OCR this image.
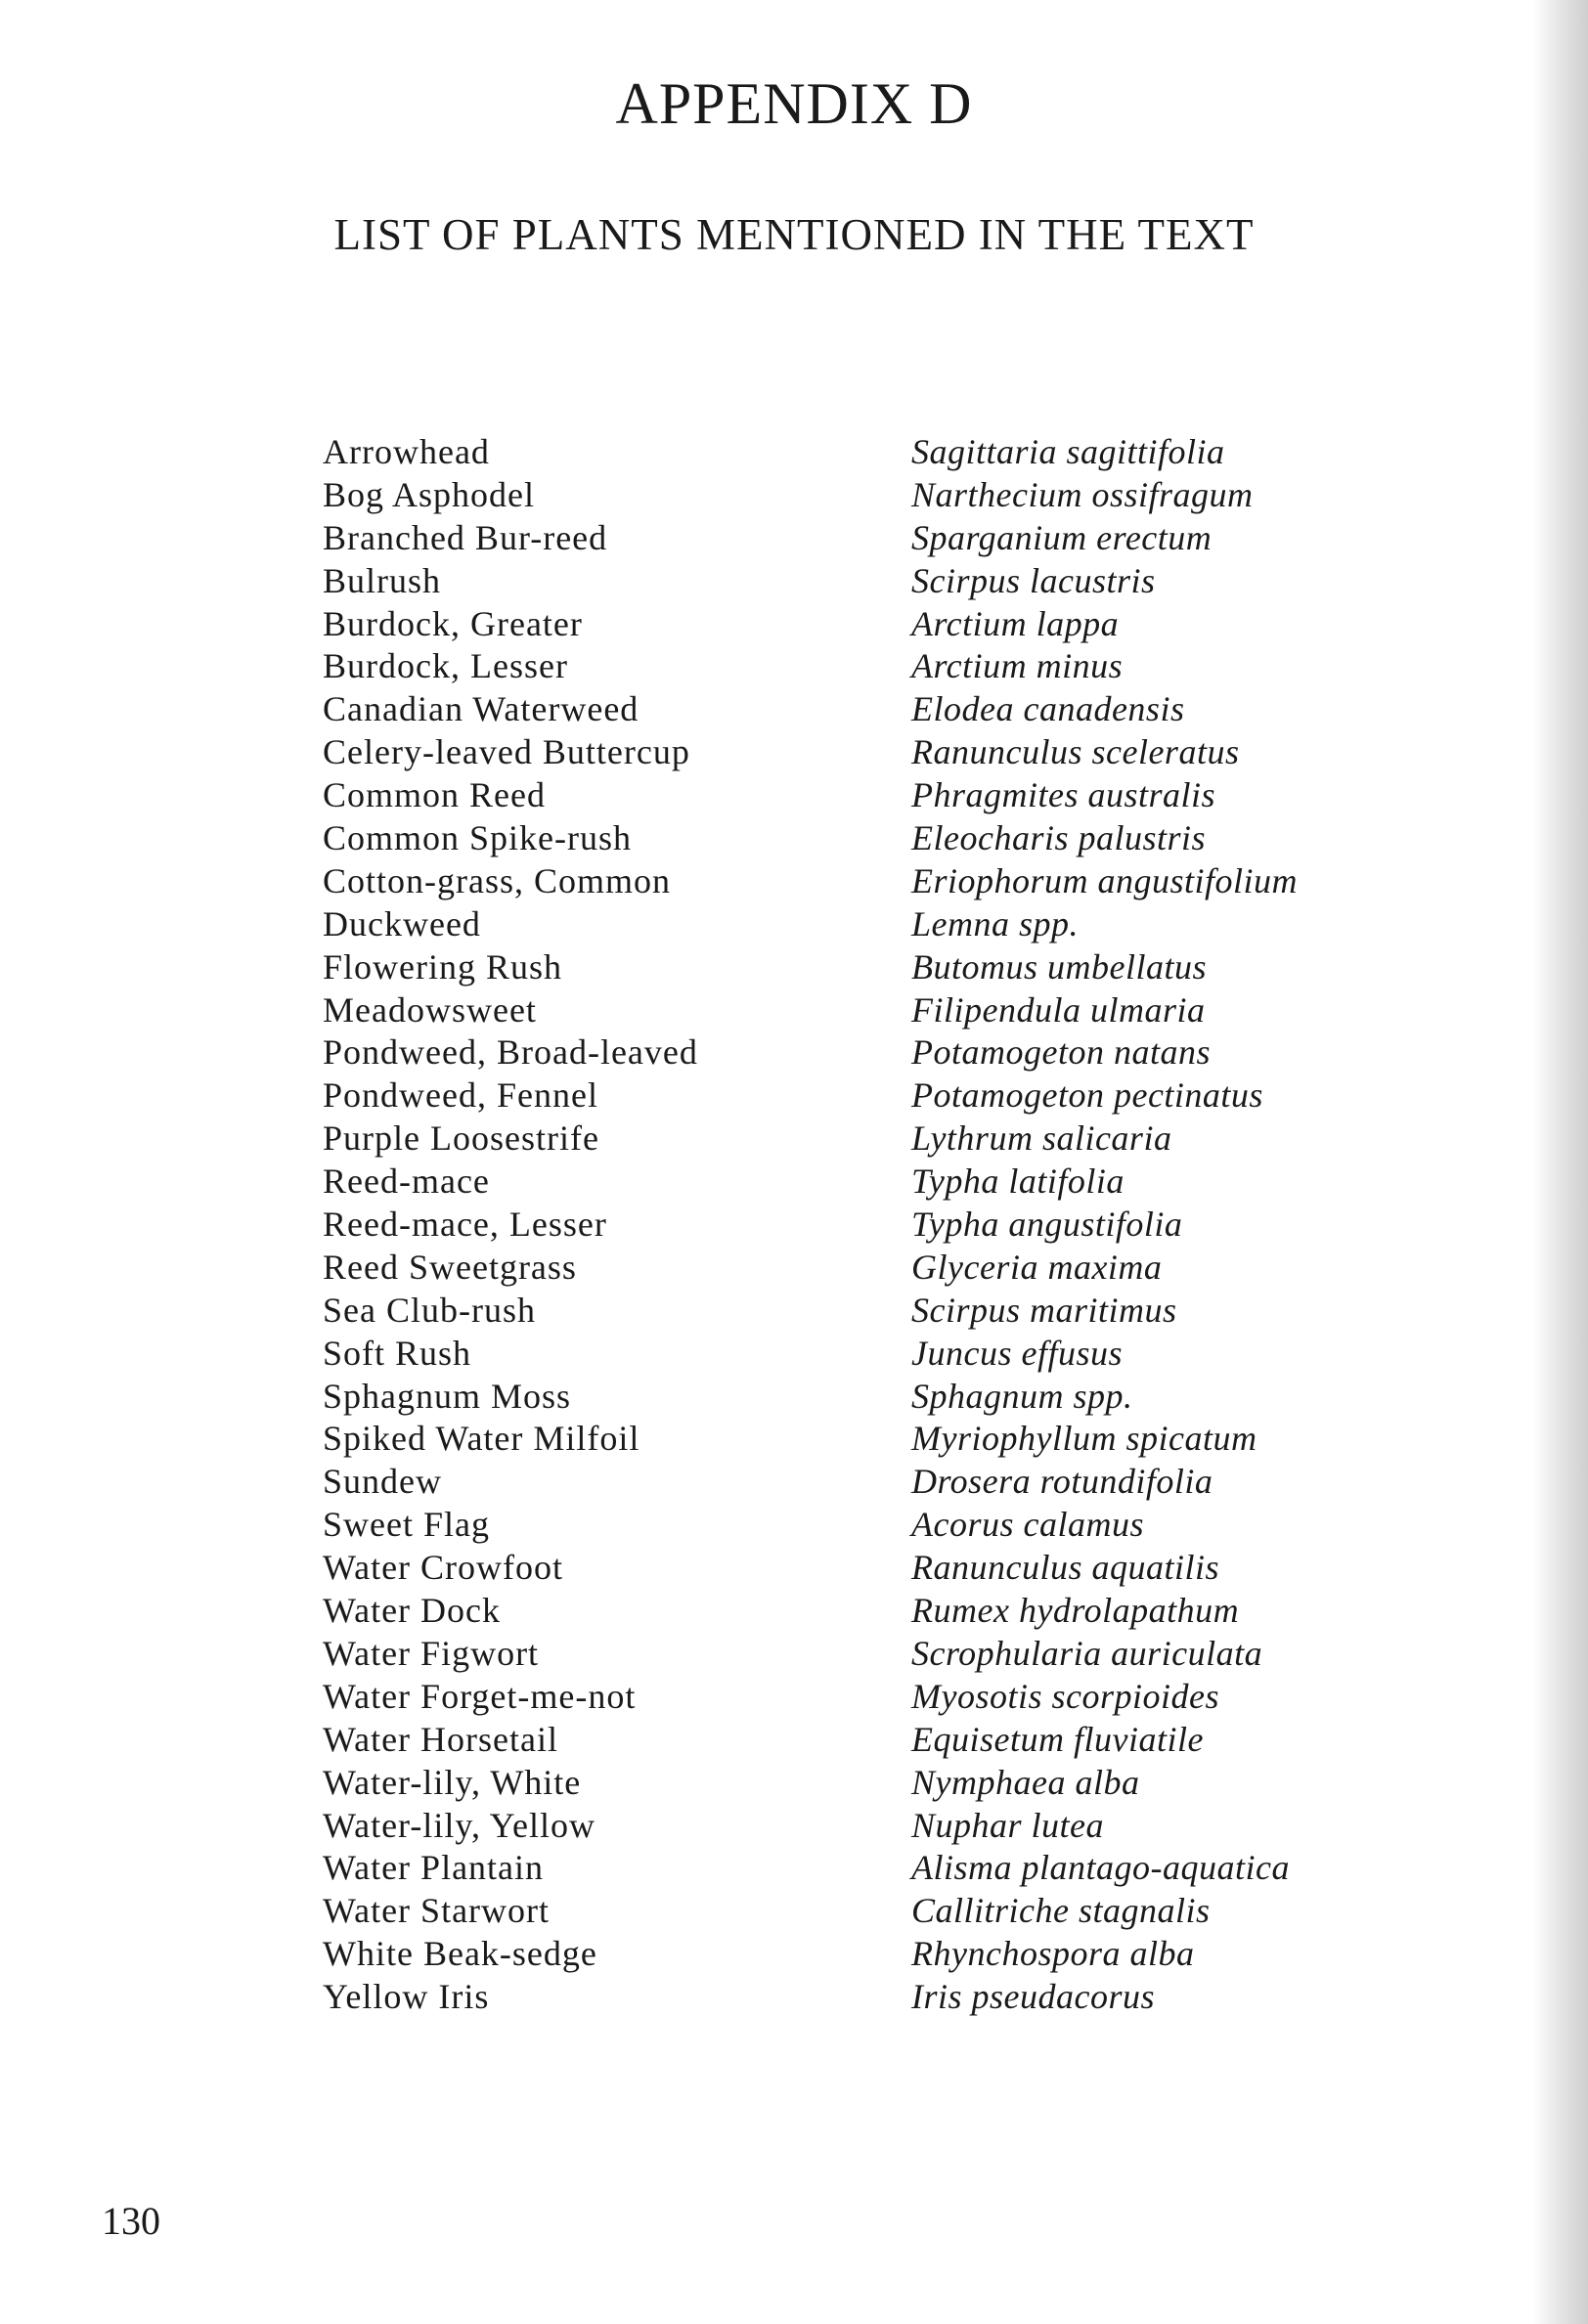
APPENDIX D
LIST OF PLANTS MENTIONED IN THE TEXT
Arrowhead	Sagittaria sagittifolia
Bog Asphodel	Narthecium ossifragum
Branched Bur-reed	Sparganium erectum
Bulrush	Scirpus lacustris
Burdock, Greater	Arctium lappa
Burdock, Lesser	Arctium minus
Canadian Waterweed	Elodea canadensis
Celery-leaved Buttercup	Ranunculus sceleratus
Common Reed	Phragmites australis
Common Spike-rush	Eleocharis palustris
Cotton-grass, Common	Eriophorum angustifolium
Duckweed	Lemna spp.
Flowering Rush	Butomus umbellatus
Meadowsweet	Filipendula ulmaria
Pondweed, Broad-leaved	Potamogeton natans
Pondweed, Fennel	Potamogeton pectinatus
Purple Loosestrife	Lythrum salicaria
Reed-mace	Typha latifolia
Reed-mace, Lesser	Typha angustifolia
Reed Sweetgrass	Glyceria maxima
Sea Club-rush	Scirpus maritimus
Soft Rush	Juncus effusus
Sphagnum Moss	Sphagnum spp.
Spiked Water Milfoil	Myriophyllum spicatum
Sundew	Drosera rotundifolia
Sweet Flag	Acorus calamus
Water Crowfoot	Ranunculus aquatilis
Water Dock	Rumex hydrolapathum
Water Figwort	Scrophularia auriculata
Water Forget-me-not	Myosotis scorpioides
Water Horsetail	Equisetum fluviatile
Water-lily, White	Nymphaea alba
Water-lily, Yellow	Nuphar lutea
Water Plantain	Alisma plantago-aquatica
Water Starwort	Callitriche stagnalis
White Beak-sedge	Rhynchospora alba
Yellow Iris	Iris pseudacorus

130
